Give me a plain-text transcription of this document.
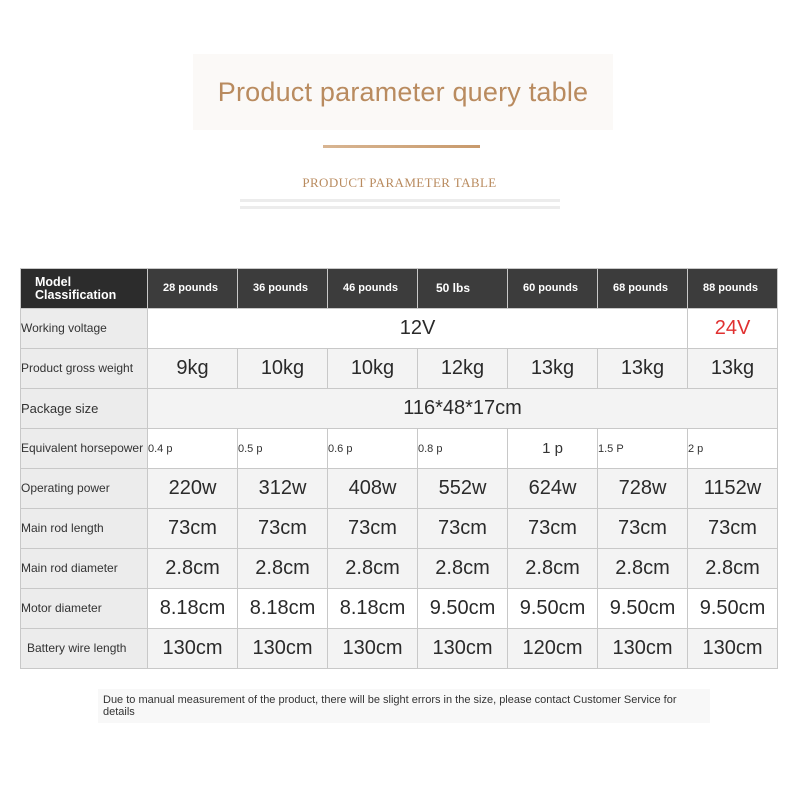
Product parameter query table
PRODUCT PARAMETER TABLE
Model Classification	28 pounds	36 pounds	46 pounds	50 lbs	60 pounds	68 pounds	88 pounds
Working voltage	12V						24V
Product gross weight	9kg	10kg	10kg	12kg	13kg	13kg	13kg
Package size	116*48*17cm						
Equivalent horsepower	0.4 p	0.5 p	0.6 p	0.8 p	1 p	1.5 P	2 p
Operating power	220w	312w	408w	552w	624w	728w	1152w
Main rod length	73cm	73cm	73cm	73cm	73cm	73cm	73cm
Main rod diameter	2.8cm	2.8cm	2.8cm	2.8cm	2.8cm	2.8cm	2.8cm
Motor diameter	8.18cm	8.18cm	8.18cm	9.50cm	9.50cm	9.50cm	9.50cm
Battery wire length	130cm	130cm	130cm	130cm	120cm	130cm	130cm
Due to manual measurement of the product, there will be slight errors in the size, please contact Customer Service for details
